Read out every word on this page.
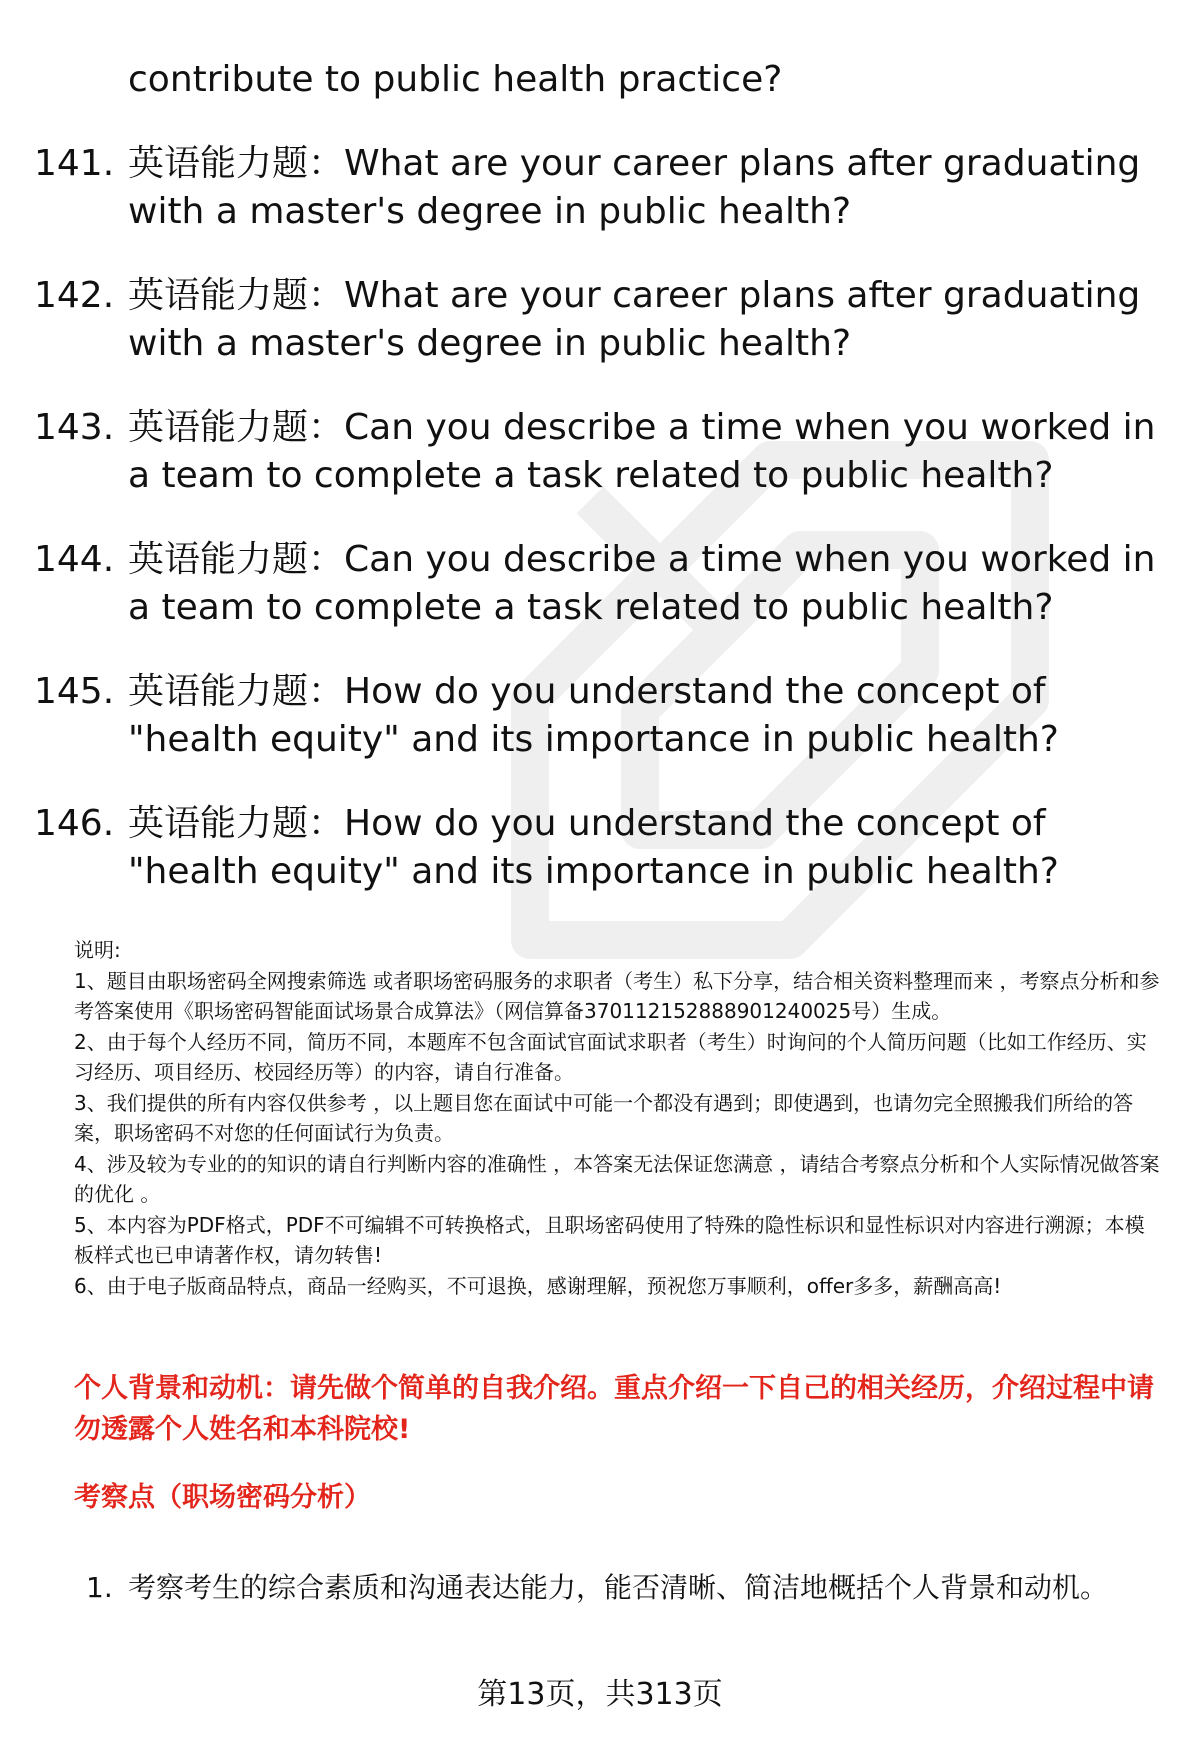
contribute to public health practice?
141. 英语能力题：What are your career plans after graduating with a master's degree in public health?
142. 英语能力题：What are your career plans after graduating with a master's degree in public health?
143. 英语能力题：Can you describe a time when you worked in a team to complete a task related to public health?
144. 英语能力题：Can you describe a time when you worked in a team to complete a task related to public health?
145. 英语能力题：How do you understand the concept of "health equity" and its importance in public health?
146. 英语能力题：How do you understand the concept of "health equity" and its importance in public health?

说明:

1、题目由职场密码全网搜索筛选 或者职场密码服务的求职者（考生）私下分享，结合相关资料整理而来 ，考察点分析和参考答案使用《职场密码智能面试场景合成算法》（网信算备370112152888901240025号）生成。

2、由于每个人经历不同，简历不同，本题库不包含面试官面试求职者（考生）时询问的个人简历问题（比如工作经历、实习经历、项目经历、校园经历等）的内容，请自行准备。

3、我们提供的所有内容仅供参考 ，以上题目您在面试中可能一个都没有遇到；即使遇到，也请勿完全照搬我们所给的答案，职场密码不对您的任何面试行为负责。

4、涉及较为专业的的知识的请自行判断内容的准确性 ，本答案无法保证您满意 ，请结合考察点分析和个人实际情况做答案的优化 。

5、本内容为PDF格式，PDF不可编辑不可转换格式，且职场密码使用了特殊的隐性标识和显性标识对内容进行溯源；本模板样式也已申请著作权，请勿转售!

6、由于电子版商品特点，商品一经购买，不可退换，感谢理解，预祝您万事顺利，offer多多，薪酬高高!

个人背景和动机：请先做个简单的自我介绍。重点介绍一下自己的相关经历，介绍过程中请勿透露个人姓名和本科院校!
考察点（职场密码分析）
1. 考察考生的综合素质和沟通表达能力，能否清晰、简洁地概括个人背景和动机。
第13页，共313页
